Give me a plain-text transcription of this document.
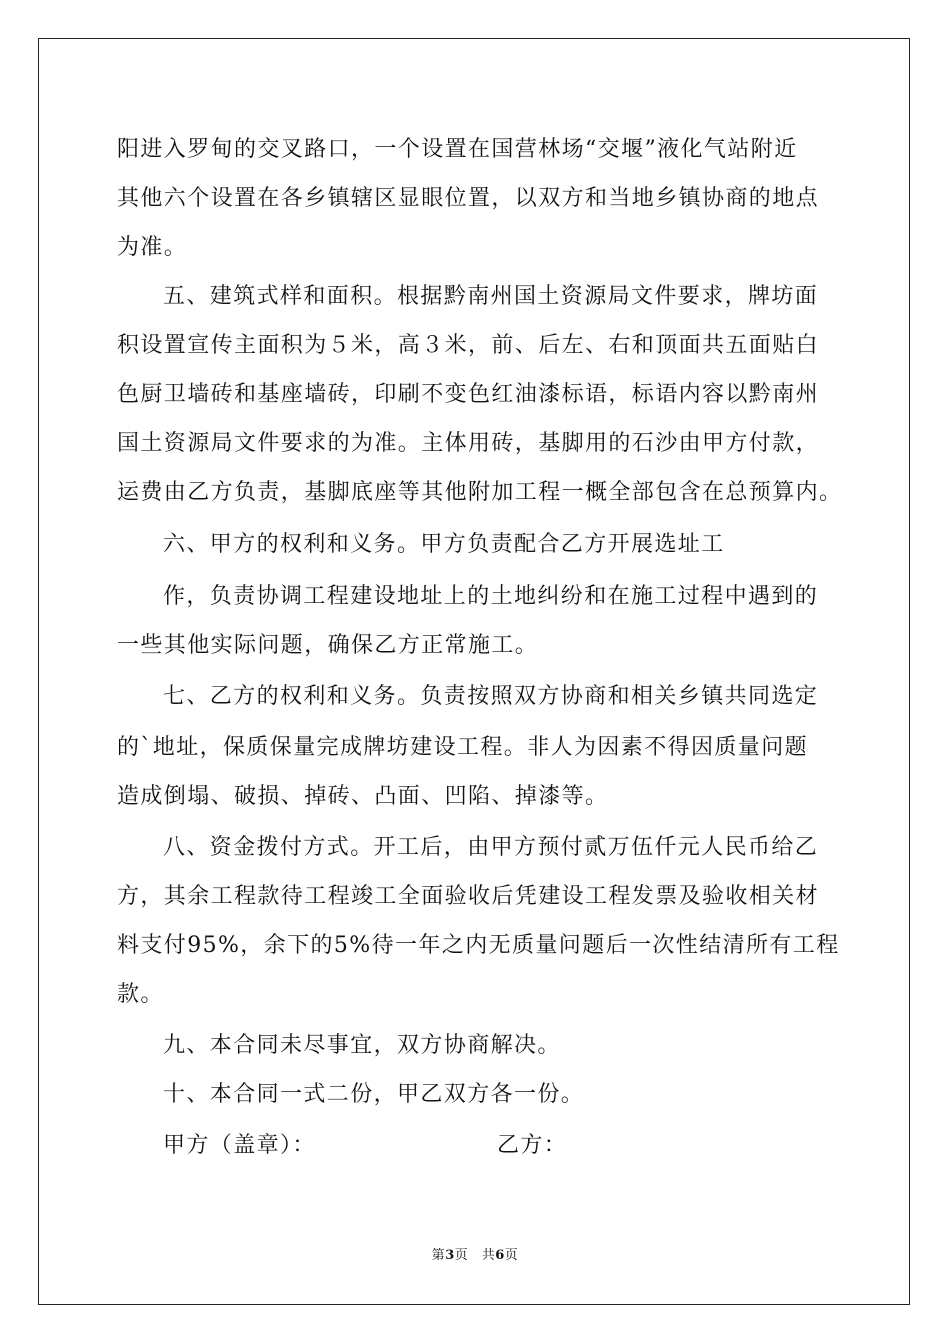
阳进入罗甸的交叉路口，一个设置在国营林场“交堰”液化气站附近
其他六个设置在各乡镇辖区显眼位置，以双方和当地乡镇协商的地点
为准。
五、建筑式样和面积。根据黔南州国土资源局文件要求，牌坊面
积设置宣传主面积为５米，高３米，前、后左、右和顶面共五面贴白
色厨卫墙砖和基座墙砖，印刷不变色红油漆标语，标语内容以黔南州
国土资源局文件要求的为准。主体用砖，基脚用的石沙由甲方付款，
运费由乙方负责，基脚底座等其他附加工程一概全部包含在总预算内。
六、甲方的权利和义务。甲方负责配合乙方开展选址工
作，负责协调工程建设地址上的土地纠纷和在施工过程中遇到的
一些其他实际问题，确保乙方正常施工。
七、乙方的权利和义务。负责按照双方协商和相关乡镇共同选定
的`地址，保质保量完成牌坊建设工程。非人为因素不得因质量问题
造成倒塌、破损、掉砖、凸面、凹陷、掉漆等。
八、资金拨付方式。开工后，由甲方预付贰万伍仟元人民币给乙
方，其余工程款待工程竣工全面验收后凭建设工程发票及验收相关材
料支付95%，余下的5%待一年之内无质量问题后一次性结清所有工程
款。
九、本合同未尽事宜，双方协商解决。
十、本合同一式二份，甲乙双方各一份。
甲方（盖章）：	乙方：
第3页　共6页
